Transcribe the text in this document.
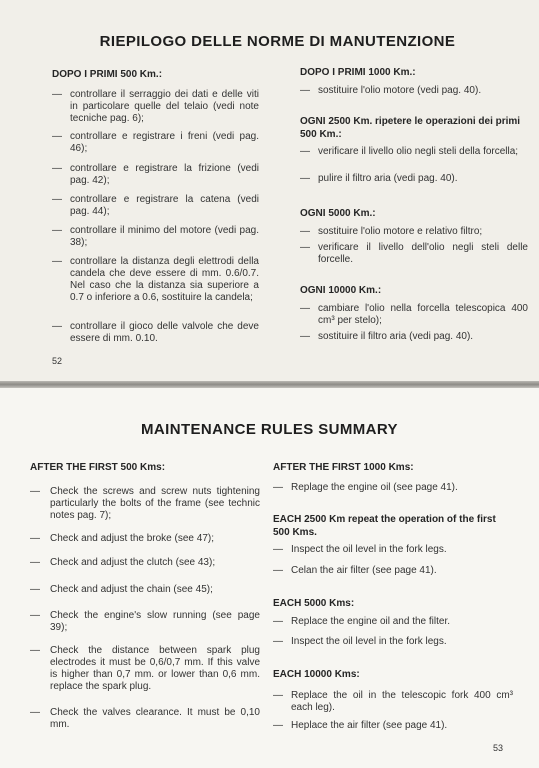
RIEPILOGO DELLE NORME DI MANUTENZIONE
DOPO I PRIMI 500 Km.:
— controllare il serraggio dei dati e delle viti in particolare quelle del telaio (vedi note tecniche pag. 6);
— controllare e registrare i freni (vedi pag. 46);
— controllare e registrare la frizione (vedi pag. 42);
— controllare e registrare la catena (vedi pag. 44);
— controllare il minimo del motore (vedi pag. 38);
— controllare la distanza degli elettrodi della candela che deve essere di mm. 0.6/0.7. Nel caso che la distanza sia superiore a 0.7 o inferiore a 0.6, sostituire la candela;
— controllare il gioco delle valvole che deve essere di mm. 0.10.
52
DOPO I PRIMI 1000 Km.:
— sostituire l'olio motore (vedi pag. 40).
OGNI 2500 Km. ripetere le operazioni dei primi 500 Km.:
— verificare il livello olio negli steli della forcella;
— pulire il filtro aria (vedi pag. 40).
OGNI 5000 Km.:
— sostituire l'olio motore e relativo filtro;
— verificare il livello dell'olio negli steli delle forcelle.
OGNI 10000 Km.:
— cambiare l'olio nella forcella telescopica 400 cm³ per stelo);
— sostituire il filtro aria (vedi pag. 40).
MAINTENANCE RULES SUMMARY
AFTER THE FIRST 500 Kms:
— Check the screws and screw nuts tightening particularly the bolts of the frame (see technic notes pag. 7);
— Check and adjust the broke (see 47);
— Check and adjust the clutch (see 43);
— Check and adjust the chain (see 45);
— Check the engine's slow running (see page 39);
— Check the distance between spark plug electrodes it must be 0,6/0,7 mm. If this valve is higher than 0,7 mm. or lower than 0,6 mm. replace the spark plug.
— Check the valves clearance. It must be 0,10 mm.
AFTER THE FIRST 1000 Kms:
— Replage the engine oil (see page 41).
EACH 2500 Km repeat the operation of the first 500 Kms.
— Inspect the oil level in the fork legs.
— Celan the air filter (see page 41).
EACH 5000 Kms:
— Replace the engine oil and the filter.
— Inspect the oil level in the fork legs.
EACH 10000 Kms:
— Replace the oil in the telescopic fork 400 cm³ each leg).
— Heplace the air filter (see page 41).
53
